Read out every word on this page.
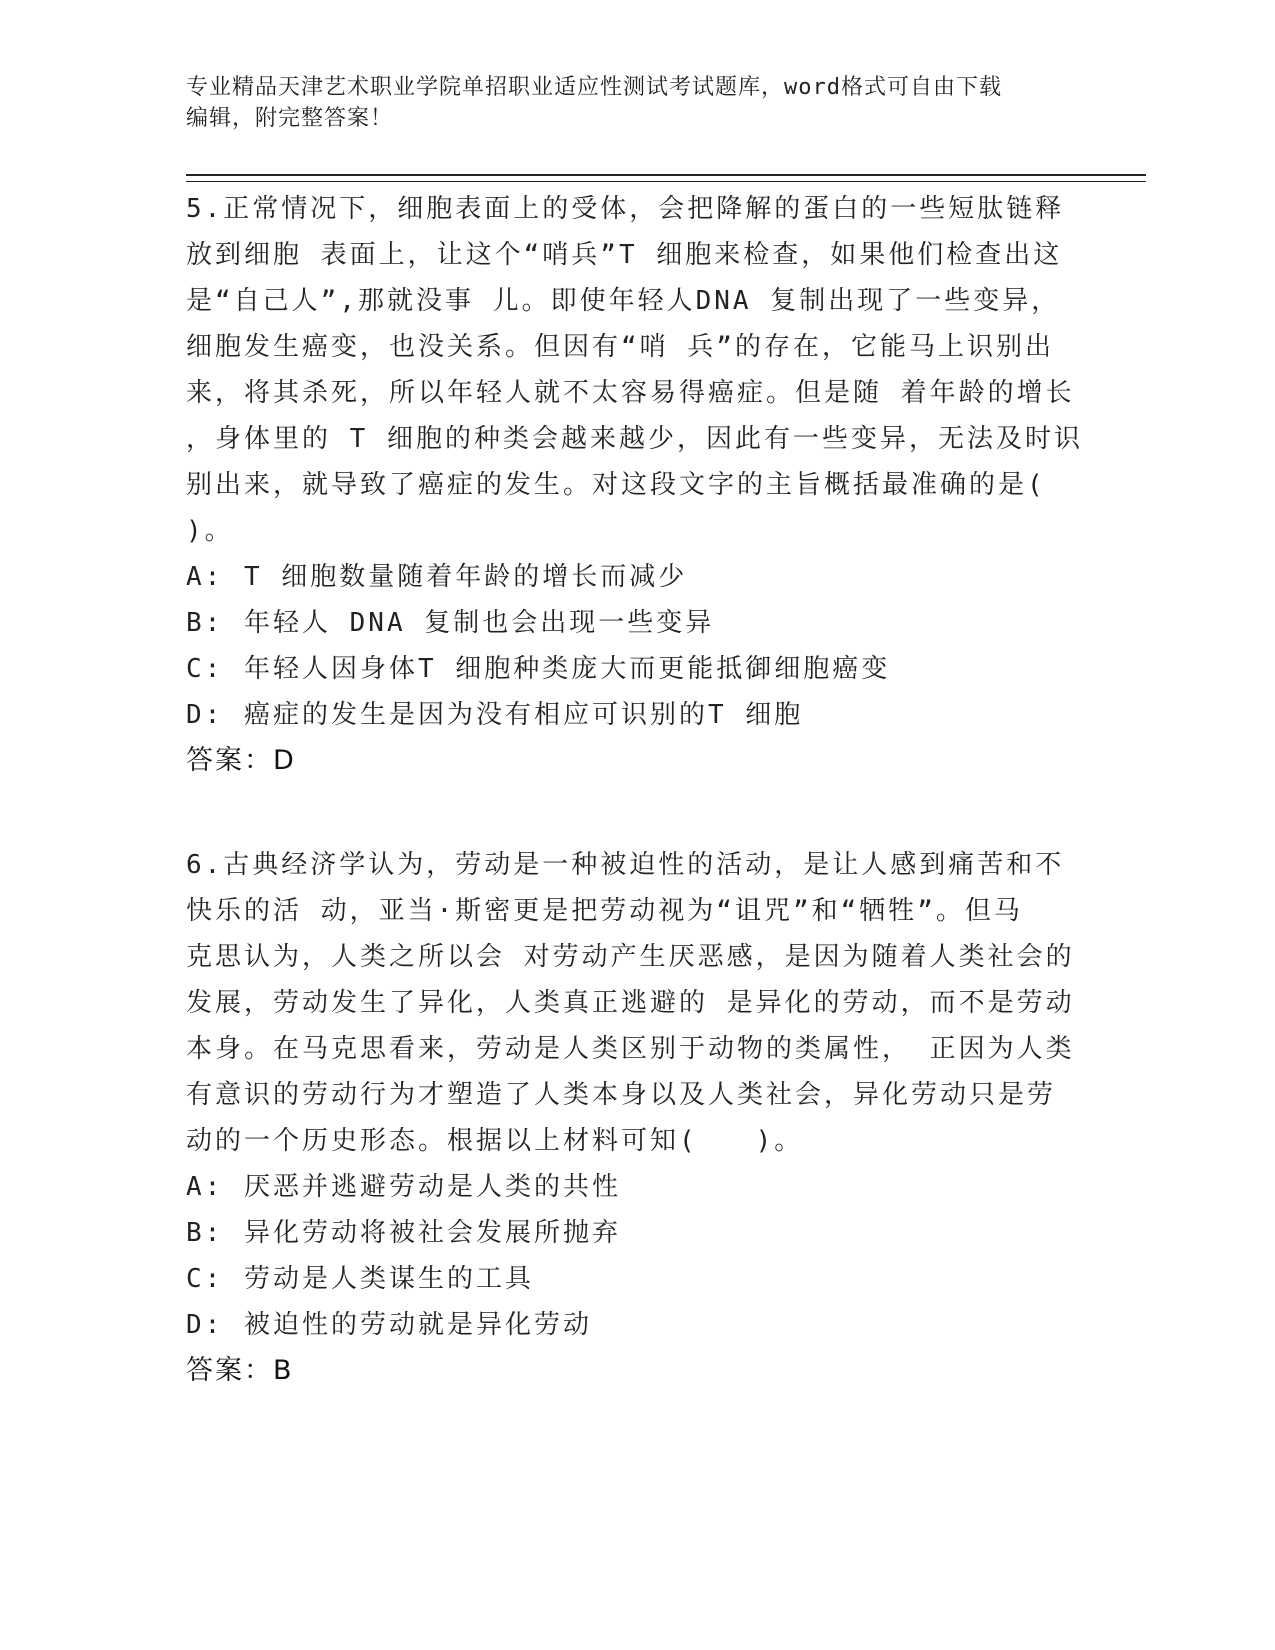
专业精品天津艺术职业学院单招职业适应性测试考试题库，word格式可自由下载

编辑，附完整答案！

5.正常情况下，细胞表面上的受体，会把降解的蛋白的一些短肽链释

放到细胞 表面上，让这个“哨兵”T 细胞来检查，如果他们检查出这

是“自己人”,那就没事 儿。即使年轻人DNA 复制出现了一些变异，

细胞发生癌变，也没关系。但因有“哨 兵”的存在，它能马上识别出

来，将其杀死，所以年轻人就不太容易得癌症。但是随 着年龄的增长

，身体里的 T 细胞的种类会越来越少，因此有一些变异，无法及时识

别出来，就导致了癌症的发生。对这段文字的主旨概括最准确的是(

)。

A: T 细胞数量随着年龄的增长而减少

B: 年轻人 DNA 复制也会出现一些变异

C: 年轻人因身体T 细胞种类庞大而更能抵御细胞癌变

D: 癌症的发生是因为没有相应可识别的T 细胞

答案：D

6.古典经济学认为，劳动是一种被迫性的活动，是让人感到痛苦和不

快乐的活 动，亚当·斯密更是把劳动视为“诅咒”和“牺牲”。但马

克思认为，人类之所以会 对劳动产生厌恶感，是因为随着人类社会的

发展，劳动发生了异化，人类真正逃避的 是异化的劳动，而不是劳动

本身。在马克思看来，劳动是人类区别于动物的类属性， 正因为人类

有意识的劳动行为才塑造了人类本身以及人类社会，异化劳动只是劳

动的一个历史形态。根据以上材料可知(　　)。

A: 厌恶并逃避劳动是人类的共性

B: 异化劳动将被社会发展所抛弃

C: 劳动是人类谋生的工具

D: 被迫性的劳动就是异化劳动

答案：B
